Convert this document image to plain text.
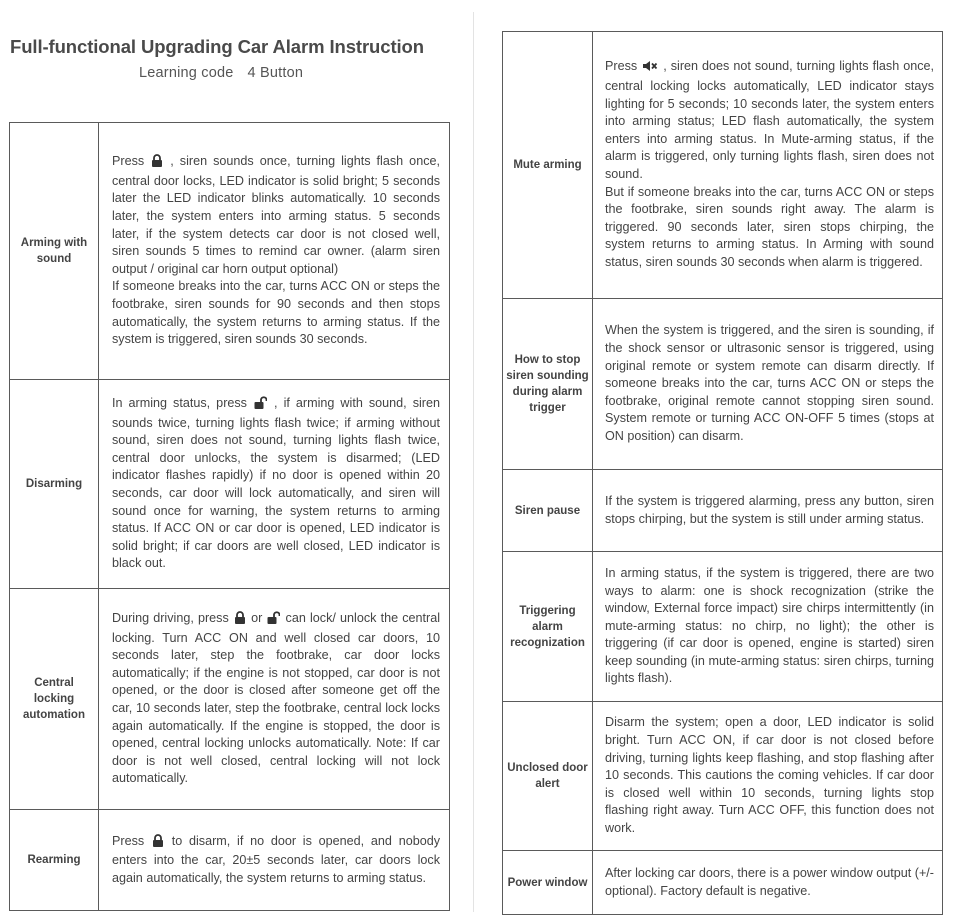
Full-functional Upgrading Car Alarm Instruction
Learning code 4 Button
Arming with sound	Press , siren sounds once, turning lights flash once, central door locks, LED indicator is solid bright; 5 seconds later the LED indicator blinks automatically. 10 seconds later, the system enters into arming status. 5 seconds later, if the system detects car door is not closed well, siren sounds 5 times to remind car owner. (alarm siren output / original car horn output optional)
If someone breaks into the car, turns ACC ON or steps the footbrake, siren sounds for 90 seconds and then stops automatically, the system returns to arming status. If the system is triggered, siren sounds 30 seconds.
Disarming	In arming status, press , if arming with sound, siren sounds twice, turning lights flash twice; if arming without sound, siren does not sound, turning lights flash twice, central door unlocks, the system is disarmed; (LED indicator flashes rapidly) if no door is opened within 20 seconds, car door will lock automatically, and siren will sound once for warning, the system returns to arming status. If ACC ON or car door is opened, LED indicator is solid bright; if car doors are well closed, LED indicator is black out.
Central locking automation	During driving, press or can lock/ unlock the central locking. Turn ACC ON and well closed car doors, 10 seconds later, step the footbrake, car door locks automatically; if the engine is not stopped, car door is not opened, or the door is closed after someone get off the car, 10 seconds later, step the footbrake, central lock locks again automatically. If the engine is stopped, the door is opened, central locking unlocks automatically. Note: If car door is not well closed, central locking will not lock automatically.
Rearming	Press to disarm, if no door is opened, and nobody enters into the car, 20±5 seconds later, car doors lock again automatically, the system returns to arming status.
Mute arming	Press , siren does not sound, turning lights flash once, central locking locks automatically, LED indicator stays lighting for 5 seconds; 10 seconds later, the system enters into arming status; LED flash automatically, the system enters into arming status. In Mute-arming status, if the alarm is triggered, only turning lights flash, siren does not sound.
But if someone breaks into the car, turns ACC ON or steps the footbrake, siren sounds right away. The alarm is triggered. 90 seconds later, siren stops chirping, the system returns to arming status. In Arming with sound status, siren sounds 30 seconds when alarm is triggered.
How to stop siren sounding during alarm trigger	When the system is triggered, and the siren is sounding, if the shock sensor or ultrasonic sensor is triggered, using original remote or system remote can disarm directly. If someone breaks into the car, turns ACC ON or steps the footbrake, original remote cannot stopping siren sound. System remote or turning ACC ON-OFF 5 times (stops at ON position) can disarm.
Siren pause	If the system is triggered alarming, press any button, siren stops chirping, but the system is still under arming status.
Triggering alarm recognization	In arming status, if the system is triggered, there are two ways to alarm: one is shock recognization (strike the window, External force impact) sire chirps intermittently (in mute-arming status: no chirp, no light); the other is triggering (if car door is opened, engine is started) siren keep sounding (in mute-arming status: siren chirps, turning lights flash).
Unclosed door alert	Disarm the system; open a door, LED indicator is solid bright. Turn ACC ON, if car door is not closed before driving, turning lights keep flashing, and stop flashing after 10 seconds. This cautions the coming vehicles. If car door is closed well within 10 seconds, turning lights stop flashing right away. Turn ACC OFF, this function does not work.
Power window	After locking car doors, there is a power window output (+/- optional). Factory default is negative.
